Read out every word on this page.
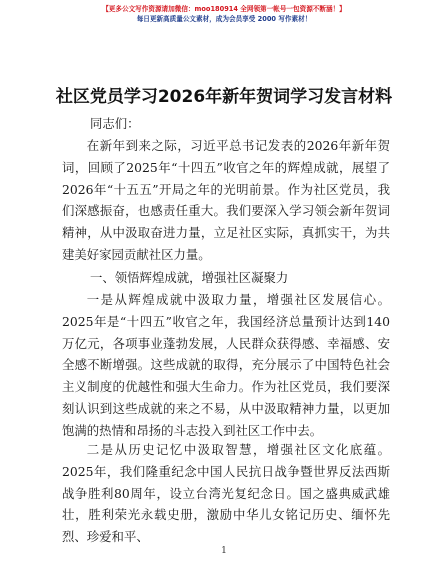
【更多公文写作资源请加微信：moo180914 全网领第一帐号一包资源不断涵！】
每日更新高质量公文素材，成为会员享受 2000 写作素材！
社区党员学习2026年新年贺词学习发言材料
同志们：

在新年到来之际，习近平总书记发表的2026年新年贺词，回顾了2025年“十四五”收官之年的辉煌成就，展望了2026年“十五五”开局之年的光明前景。作为社区党员，我们深感振奋，也感责任重大。我们要深入学习领会新年贺词精神，从中汲取奋进力量，立足社区实际，真抓实干，为共建美好家园贡献社区力量。

一、领悟辉煌成就，增强社区凝聚力

一是从辉煌成就中汲取力量，增强社区发展信心。2025年是“十四五”收官之年，我国经济总量预计达到140万亿元，各项事业蓬勃发展，人民群众获得感、幸福感、安全感不断增强。这些成就的取得，充分展示了中国特色社会主义制度的优越性和强大生命力。作为社区党员，我们要深刻认识到这些成就的来之不易，从中汲取精神力量，以更加饱满的热情和昂扬的斗志投入到社区工作中去。

二是从历史记忆中汲取智慧，增强社区文化底蕴。2025年，我们隆重纪念中国人民抗日战争暨世界反法西斯战争胜利80周年，设立台湾光复纪念日。国之盛典威武雄壮，胜利荣光永载史册，激励中华儿女铭记历史、缅怀先烈、珍爱和平、

1
